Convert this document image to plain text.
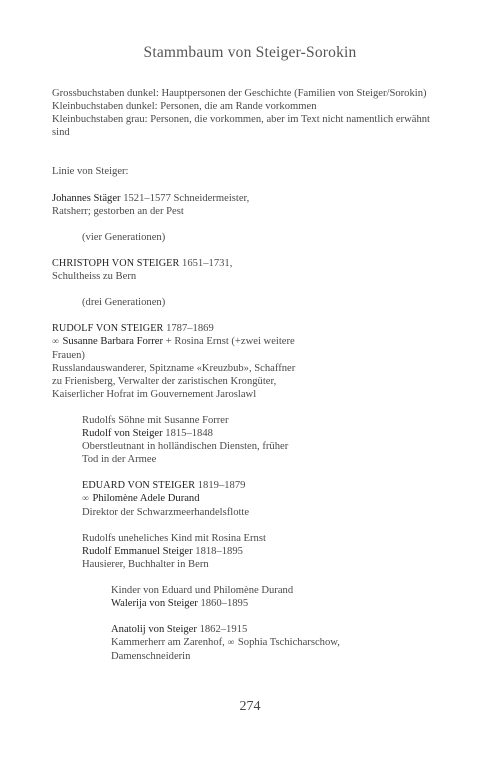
Stammbaum von Steiger-Sorokin
Grossbuchstaben dunkel: Hauptpersonen der Geschichte (Familien von Steiger/Sorokin)
Kleinbuchstaben dunkel: Personen, die am Rande vorkommen
Kleinbuchstaben grau: Personen, die vorkommen, aber im Text nicht namentlich erwähnt
sind
Linie von Steiger:
Johannes Stäger 1521–1577 Schneidermeister,
Ratsherr; gestorben an der Pest
(vier Generationen)
CHRISTOPH VON STEIGER 1651–1731,
Schultheiss zu Bern
(drei Generationen)
RUDOLF VON STEIGER 1787–1869
∞ Susanne Barbara Forrer + Rosina Ernst (+zwei weitere
Frauen)
Russlandauswanderer, Spitzname «Kreuzbub», Schaffner
zu Frienisberg, Verwalter der zaristischen Krongüter,
Kaiserlicher Hofrat im Gouvernement Jaroslawl
Rudolfs Söhne mit Susanne Forrer
Rudolf von Steiger 1815–1848
Oberstleutnant in holländischen Diensten, früher
Tod in der Armee
EDUARD VON STEIGER 1819–1879
∞ Philomène Adele Durand
Direktor der Schwarzmeerhandelsflotte
Rudolfs uneheliches Kind mit Rosina Ernst
Rudolf Emmanuel Steiger 1818–1895
Hausierer, Buchhalter in Bern
Kinder von Eduard und Philomène Durand
Walerija von Steiger 1860–1895
Anatolij von Steiger 1862–1915
Kammerherr am Zarenhof, ∞ Sophia Tschicharschow,
Damenschneiderin
274
